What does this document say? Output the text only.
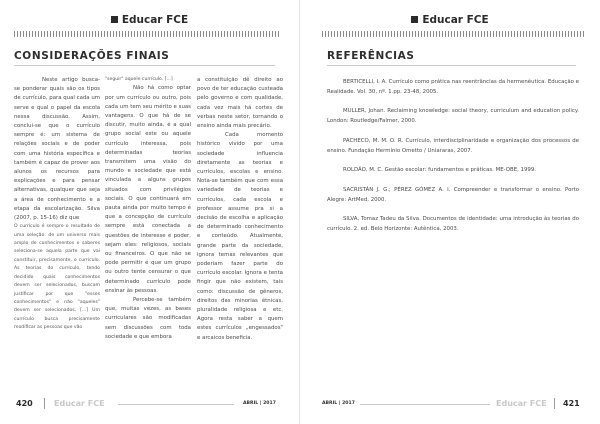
Educar FCE
CONSIDERAÇÕES FINAIS

Neste artigo busca-se ponderar quais são os tipos de currículo, para qual cada um serve e qual o papel da escola nessa discussão. Assim, conclui-se que o currículo sempre é: um sistema de relações sociais e de poder com uma história específica e também é capaz de prover aos alunos os recursos para explicações e para pensar alternativas, qualquer que seja a área de conhecimento e a etapa da escolarização. Silva (2007, p. 15-16) diz que

O currículo é sempre o resultado de uma seleção: de um universo mais amplo de conhecimentos e saberes seleciona-se aquela parte que vai constituir, precisamente, o currículo. As teorias do currículo, tendo decidido quais conhecimentos devem ser selecionados, buscam justificar por que "esses conhecimentos" e não "aqueles" devem ser selecionados. [...] Um currículo busca precisamente modificar as pessoas que vão

"seguir" aquele currículo. [...]

Não há como optar por um currículo ou outro, pois cada um tem seu mérito e suas vantagens. O que há de se discutir, muito ainda, é a qual grupo social este ou aquele currículo interessa, pois determinadas teorias transmitem uma visão do mundo e sociedade que está vinculada a alguns grupos situados com privilégios sociais. O que continuará em pauta ainda por muito tempo é que a concepção de currículo sempre está conectada a questões de interesse e poder, sejam eles: religiosos, sociais ou financeiros. O que não se pode permitir é que um grupo ou outro tente censurar o que determinado currículo pode ensinar às pessoas.

Percebe-se também que, muitas vezes, as bases curriculares são modificadas sem discussões com toda sociedade e que embora

a constituição dê direito ao povo de ter educação custeada pelo governo e com qualidade, cada vez mais há cortes de verbas neste setor, tornando o ensino ainda mais precário.

Cada momento histórico vivido por uma sociedade influencia diretamente as teorias e currículos, escolas e ensino. Nota-se também que com essa variedade de teorias e currículos, cada escola e professor assume pra si a decisão de escolha e aplicação de determinado conhecimento e conteúdo. Atualmente, grande parte da sociedade, ignora temas relevantes que poderiam fazer parte do currículo escolar. Ignora e tenta fingir que não existem, tais como: discussão de gêneros, direitos das minorias étnicas, pluralidade religiosa e etc. Agora resta saber a quem estes currículos „engessados" e arcaicos beneficia.

420	Educar FCE	ABRIL | 2017
Educar FCE
REFERÊNCIAS

BERTICELLI, I. A. Currículo como prática nas reentrâncias da hermenêutica. Educação e Realidade. Vol. 30, nº. 1.pp. 23-48, 2005.

MULLER, Johan. Reclaiming knowledge: social theory, curriculum and education policy. London: Routledge/Falmer, 2000.

PACHECO, M. M. O. R. Currículo, interdisciplinaridade e organização dos processos de ensino. Fundação Hermínio Ometto / Uniararas, 2007.

ROLDÃO, M. C. Gestão escolar: fundamentos e práticas. ME-OBE, 1999.

SACRISTÁN J. G.; PÉREZ GÓMEZ A. I. Compreender e transformar o ensino. Porto Alegre: ArtMed, 2000.

SILVA, Tomaz Tadeu da Silva. Documentos de identidade: uma introdução às teorias do currículo. 2. ed. Belo Horizonte: Autêntica, 2003.

ABRIL | 2017	Educar FCE 421
